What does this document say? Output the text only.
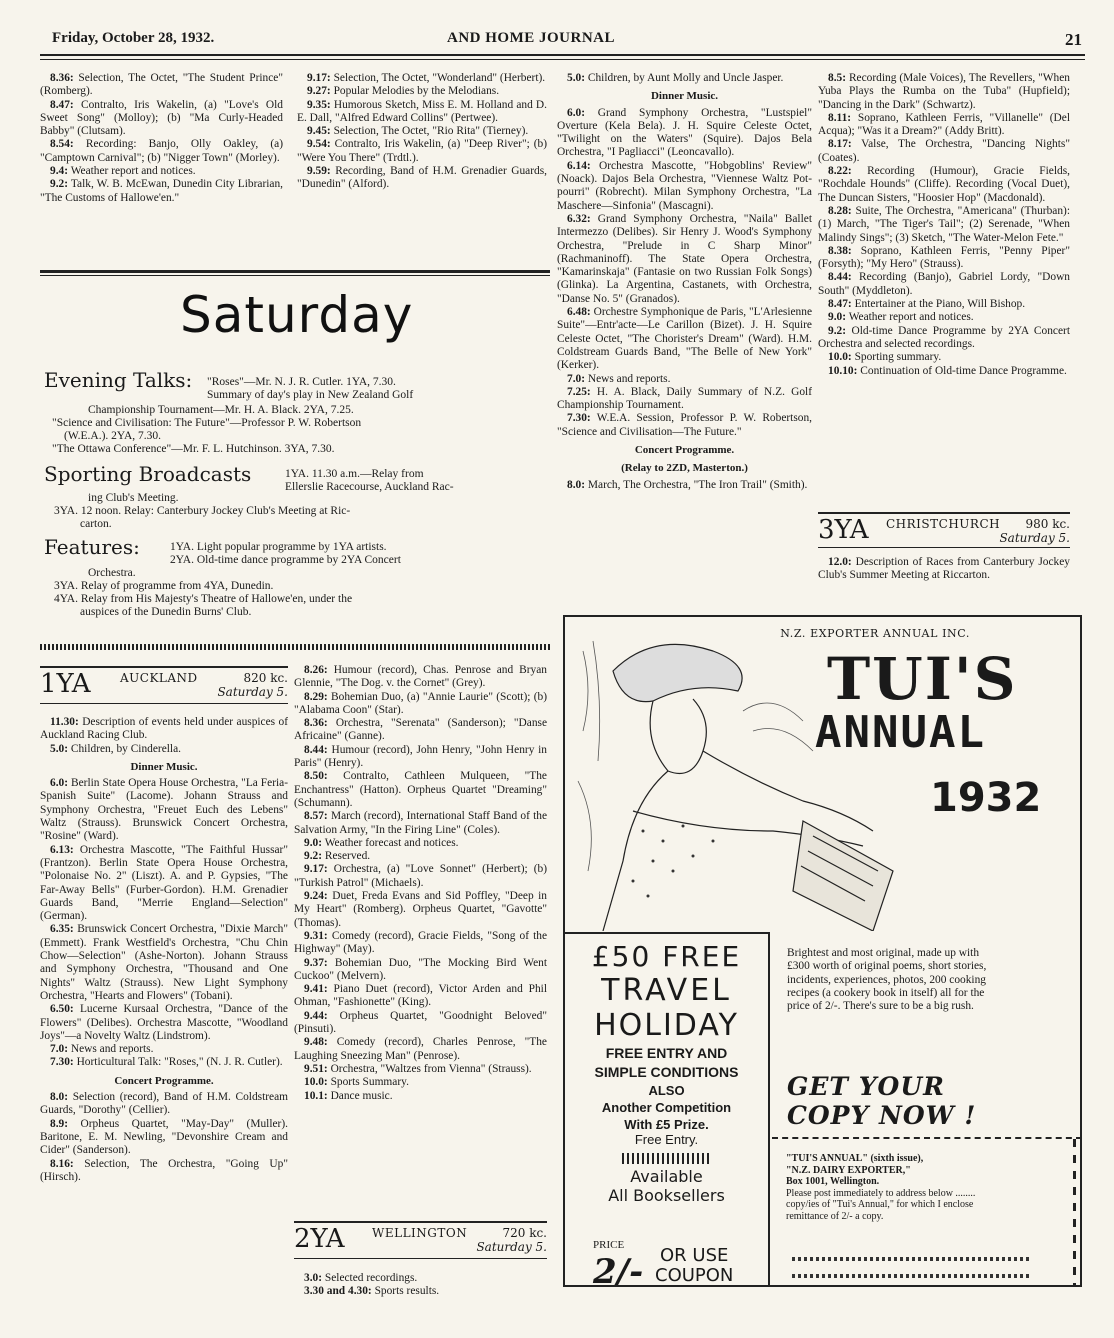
Friday, October 28, 1932.	AND HOME JOURNAL	21

8.36: Selection, The Octet, "The Student Prince" (Romberg).

8.47: Contralto, Iris Wakelin, (a) "Love's Old Sweet Song" (Molloy); (b) "Ma Curly-Headed Babby" (Clutsam).

8.54: Recording: Banjo, Olly Oakley, (a) "Camptown Carnival"; (b) "Nigger Town" (Morley).

9.4: Weather report and notices.

9.2: Talk, W. B. McEwan, Dunedin City Librarian, "The Customs of Hallowe'en."

9.17: Selection, The Octet, "Wonderland" (Herbert).

9.27: Popular Melodies by the Melodians.

9.35: Humorous Sketch, Miss E. M. Holland and D. E. Dall, "Alfred Edward Collins" (Pertwee).

9.45: Selection, The Octet, "Rio Rita" (Tierney).

9.54: Contralto, Iris Wakelin, (a) "Deep River"; (b) "Were You There" (Trdtl.).

9.59: Recording, Band of H.M. Grenadier Guards, "Dunedin" (Alford).

Saturday
Evening Talks: "Roses"—Mr. N. J. R. Cutler. 1YA, 7.30.
Summary of day's play in New Zealand Golf
Championship Tournament—Mr. H. A. Black. 2YA, 7.25.
"Science and Civilisation: The Future"—Professor P. W. Robertson
(W.E.A.). 2YA, 7.30.
"The Ottawa Conference"—Mr. F. L. Hutchinson. 3YA, 7.30.
Sporting Broadcasts	1YA. 11.30 a.m.—Relay from
Ellerslie Racecourse, Auckland Rac-
ing Club's Meeting.
3YA. 12 noon. Relay: Canterbury Jockey Club's Meeting at Ric-
carton.
Features:	1YA. Light popular programme by 1YA artists.
2YA. Old-time dance programme by 2YA Concert
Orchestra.
3YA. Relay of programme from 4YA, Dunedin.
4YA. Relay from His Majesty's Theatre of Hallowe'en, under the
auspices of the Dunedin Burns' Club.
1YA AUCKLAND	820 kc.
Saturday 5.

11.30: Description of events held under auspices of Auckland Racing Club.

5.0: Children, by Cinderella.

Dinner Music.

6.0: Berlin State Opera House Orchestra, "La Feria-Spanish Suite" (Lacome). Johann Strauss and Symphony Orchestra, "Freuet Euch des Lebens" Waltz (Strauss). Brunswick Concert Orchestra, "Rosine" (Ward).

6.13: Orchestra Mascotte, "The Faithful Hussar" (Frantzon). Berlin State Opera House Orchestra, "Polonaise No. 2" (Liszt). A. and P. Gypsies, "The Far-Away Bells" (Furber-Gordon). H.M. Grenadier Guards Band, "Merrie England—Selection" (German).

6.35: Brunswick Concert Orchestra, "Dixie March" (Emmett). Frank Westfield's Orchestra, "Chu Chin Chow—Selection" (Ashe-Norton). Johann Strauss and Symphony Orchestra, "Thousand and One Nights" Waltz (Strauss). New Light Symphony Orchestra, "Hearts and Flowers" (Tobani).

6.50: Lucerne Kursaal Orchestra, "Dance of the Flowers" (Delibes). Orchestra Mascotte, "Woodland Joys"—a Novelty Waltz (Lindstrom).

7.0: News and reports.

7.30: Horticultural Talk: "Roses," (N. J. R. Cutler).

Concert Programme.

8.0: Selection (record), Band of H.M. Coldstream Guards, "Dorothy" (Cellier).

8.9: Orpheus Quartet, "May-Day" (Muller). Baritone, E. M. Newling, "Devonshire Cream and Cider" (Sanderson).

8.16: Selection, The Orchestra, "Going Up" (Hirsch).

8.26: Humour (record), Chas. Penrose and Bryan Glennie, "The Dog. v. the Cornet" (Grey).

8.29: Bohemian Duo, (a) "Annie Laurie" (Scott); (b) "Alabama Coon" (Star).

8.36: Orchestra, "Serenata" (Sanderson); "Danse Africaine" (Ganne).

8.44: Humour (record), John Henry, "John Henry in Paris" (Henry).

8.50: Contralto, Cathleen Mulqueen, "The Enchantress" (Hatton). Orpheus Quartet "Dreaming" (Schumann).

8.57: March (record), International Staff Band of the Salvation Army, "In the Firing Line" (Coles).

9.0: Weather forecast and notices.

9.2: Reserved.

9.17: Orchestra, (a) "Love Sonnet" (Herbert); (b) "Turkish Patrol" (Michaels).

9.24: Duet, Freda Evans and Sid Poffley, "Deep in My Heart" (Romberg). Orpheus Quartet, "Gavotte" (Thomas).

9.31: Comedy (record), Gracie Fields, "Song of the Highway" (May).

9.37: Bohemian Duo, "The Mocking Bird Went Cuckoo" (Melvern).

9.41: Piano Duet (record), Victor Arden and Phil Ohman, "Fashionette" (King).

9.44: Orpheus Quartet, "Goodnight Beloved" (Pinsuti).

9.48: Comedy (record), Charles Penrose, "The Laughing Sneezing Man" (Penrose).

9.51: Orchestra, "Waltzes from Vienna" (Strauss).

10.0: Sports Summary.

10.1: Dance music.

2YA WELLINGTON	720 kc.
Saturday 5.

3.0: Selected recordings.

3.30 and 4.30: Sports results.

5.0: Children, by Aunt Molly and Uncle Jasper.

Dinner Music.

6.0: Grand Symphony Orchestra, "Lustspiel" Overture (Kela Bela). J. H. Squire Celeste Octet, "Twilight on the Waters" (Squire). Dajos Bela Orchestra, "I Pagliacci" (Leoncavallo).

6.14: Orchestra Mascotte, "Hobgoblins' Review" (Noack). Dajos Bela Orchestra, "Viennese Waltz Pot-pourri" (Robrecht). Milan Symphony Orchestra, "La Maschere—Sinfonia" (Mascagni).

6.32: Grand Symphony Orchestra, "Naila" Ballet Intermezzo (Delibes). Sir Henry J. Wood's Symphony Orchestra, "Prelude in C Sharp Minor" (Rachmaninoff). The State Opera Orchestra, "Kamarinskaja" (Fantasie on two Russian Folk Songs) (Glinka). La Argentina, Castanets, with Orchestra, "Danse No. 5" (Granados).

6.48: Orchestre Symphonique de Paris, "L'Arlesienne Suite"—Entr'acte—Le Carillon (Bizet). J. H. Squire Celeste Octet, "The Chorister's Dream" (Ward). H.M. Coldstream Guards Band, "The Belle of New York" (Kerker).

7.0: News and reports.

7.25: H. A. Black, Daily Summary of N.Z. Golf Championship Tournament.

7.30: W.E.A. Session, Professor P. W. Robertson, "Science and Civilisation—The Future."

Concert Programme.

(Relay to 2ZD, Masterton.)

8.0: March, The Orchestra, "The Iron Trail" (Smith).

8.5: Recording (Male Voices), The Revellers, "When Yuba Plays the Rumba on the Tuba" (Hupfield); "Dancing in the Dark" (Schwartz).

8.11: Soprano, Kathleen Ferris, "Villanelle" (Del Acqua); "Was it a Dream?" (Addy Britt).

8.17: Valse, The Orchestra, "Dancing Nights" (Coates).

8.22: Recording (Humour), Gracie Fields, "Rochdale Hounds" (Cliffe). Recording (Vocal Duet), The Duncan Sisters, "Hoosier Hop" (Macdonald).

8.28: Suite, The Orchestra, "Americana" (Thurban): (1) March, "The Tiger's Tail"; (2) Serenade, "When Malindy Sings"; (3) Sketch, "The Water-Melon Fete."

8.38: Soprano, Kathleen Ferris, "Penny Piper" (Forsyth); "My Hero" (Strauss).

8.44: Recording (Banjo), Gabriel Lordy, "Down South" (Myddleton).

8.47: Entertainer at the Piano, Will Bishop.

9.0: Weather report and notices.

9.2: Old-time Dance Programme by 2YA Concert Orchestra and selected recordings.

10.0: Sporting summary.

10.10: Continuation of Old-time Dance Programme.

3YA CHRISTCHURCH 980 kc.
Saturday 5.

12.0: Description of Races from Canterbury Jockey Club's Summer Meeting at Riccarton.

N.Z. EXPORTER ANNUAL INC.
TUI'S
ANNUAL
1932
£50 FREE
TRAVEL
HOLIDAY
FREE ENTRY AND
SIMPLE CONDITIONS
ALSO
Another Competition
With £5 Prize.
Free Entry.
Available
All Booksellers
PRICE
2/- OR USE
COUPON
Brightest and most original, made up with £300 worth of original poems, short stories, incidents, experiences, photos, 200 cooking recipes (a cookery book in itself) all for the price of 2/-. There's sure to be a big rush.
GET YOUR
COPY NOW !
"TUI'S ANNUAL" (sixth issue),
"N.Z. DAIRY EXPORTER,"
Box 1001, Wellington.
Please post immediately to address below ........ copy/ies of "Tui's Annual," for which I enclose remittance of 2/- a copy.
